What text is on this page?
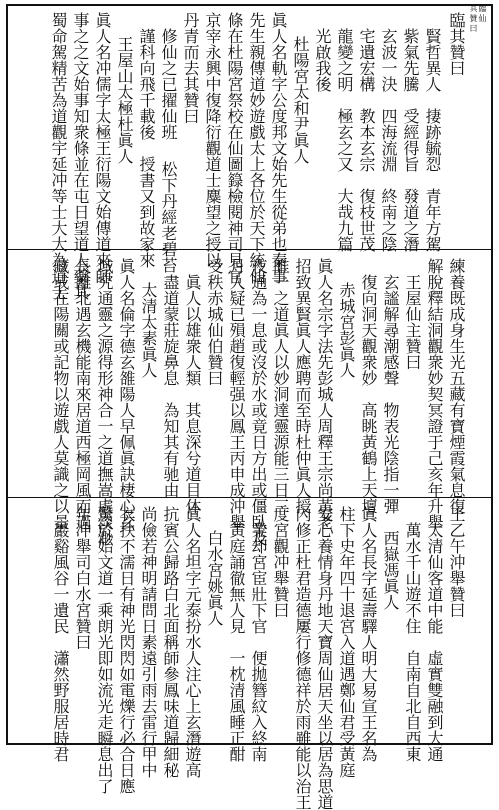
臨
仙
其
贊
曰
臨其贊曰
賢哲異人　捿跡毓㤠　青年方駕
紫氣先騰　受經得旨　發道之潛
玄波一決　四海流淵　終南之陰
宅遺宏構　教本玄宗　復枝世茂
龍變之明　極玄之又　大哉九篇
光啟我後
杜陽宮太和尹眞人
眞人名軌字公度邦文始先生從弟也秦事
先生親傳道妙遊戲太上各位於天下統仙
條在杜陽宮祭校在仙圖籙檢閱神司見官
京宰永興中復降衍觀道士麋望之授以
丹青而去其贊曰
修仙之已擢仙班　 松下丹經老碧苔
謹科向飛千載後　授書又到故家來
王屋山太極杜眞人
眞人名冲儒字太極王衍陽文始傳道來師
事之之文始事知衆條並在屯日望道人藥其
蜀命駕精苦為道觀宇延冲等士大大為道士
練養既成身生光五藏有寶煙霞氣息復
解脫釋結洞觀衆妙契冥證于己亥年升舉
王屋仙主贊曰
玄謐解尋潮感聲　物表光陰指一彈
復向洞天觀衆妙　高眺黃鶴上天壇
赤城宮彭眞人
眞人名宗字法先彭城人周釋王宗尚黃老
招致異賢眞人應聘而至時杜仲眞人授
睢一之道眞人以妙洞達靈源能三日三
夜通為一息或沒於水或竟日方出或僵臥及
月人疑已殞趙復輕强以鳳王丙申成沖舉
受秩赤城仙伯贊曰
眞人以雄衆人類　其息深兮道目休
盡道蒙莊旋鼻息　為知其有驰由
太清太素眞人
眞人名倫字德玄雒陽人早佩眞訣棲心玄
域究通靈之源得形神合一之道撫嵩處淡渺
長離北遇玄機能南來居道西極岡風而過
藏或在陽關或記物以遊戲人莫識之以景
王乙午沖舉贊曰
太清仙客道中能　虛實雙融到大通
萬水千山遊不住　自南自北自西東
西嶽馮眞人
眞人名長字延壽驛人明大易宣王名為
柱下史年四十退宮入道遇鄭仙君受黃庭
安心養情身丹地天寶周仙居天坐以居為思道
內修正杜君造德屢行修德祥於雨雖能以治王
度宮觀冲舉贊曰
業却宮宦壯下官　便拋簪紋入終南
黃庭誦徹無人見　一枕清風睡正酣
白水宮姚眞人
眞人名坦字元泰扮水人注心上玄潛遊高
抗賓公歸路白北面稱師參鳳味道歸細秘
尚儉若神明請問日素遠引雨去雷行甲中
衣扶不濡日有神光閃閃如電爍行必合日應
驚於始文道一乘朗光即如流光走瞬息出了
年冲舉司白水宮贊曰
巖谿風谷一遺民　瀟然野服居時君
